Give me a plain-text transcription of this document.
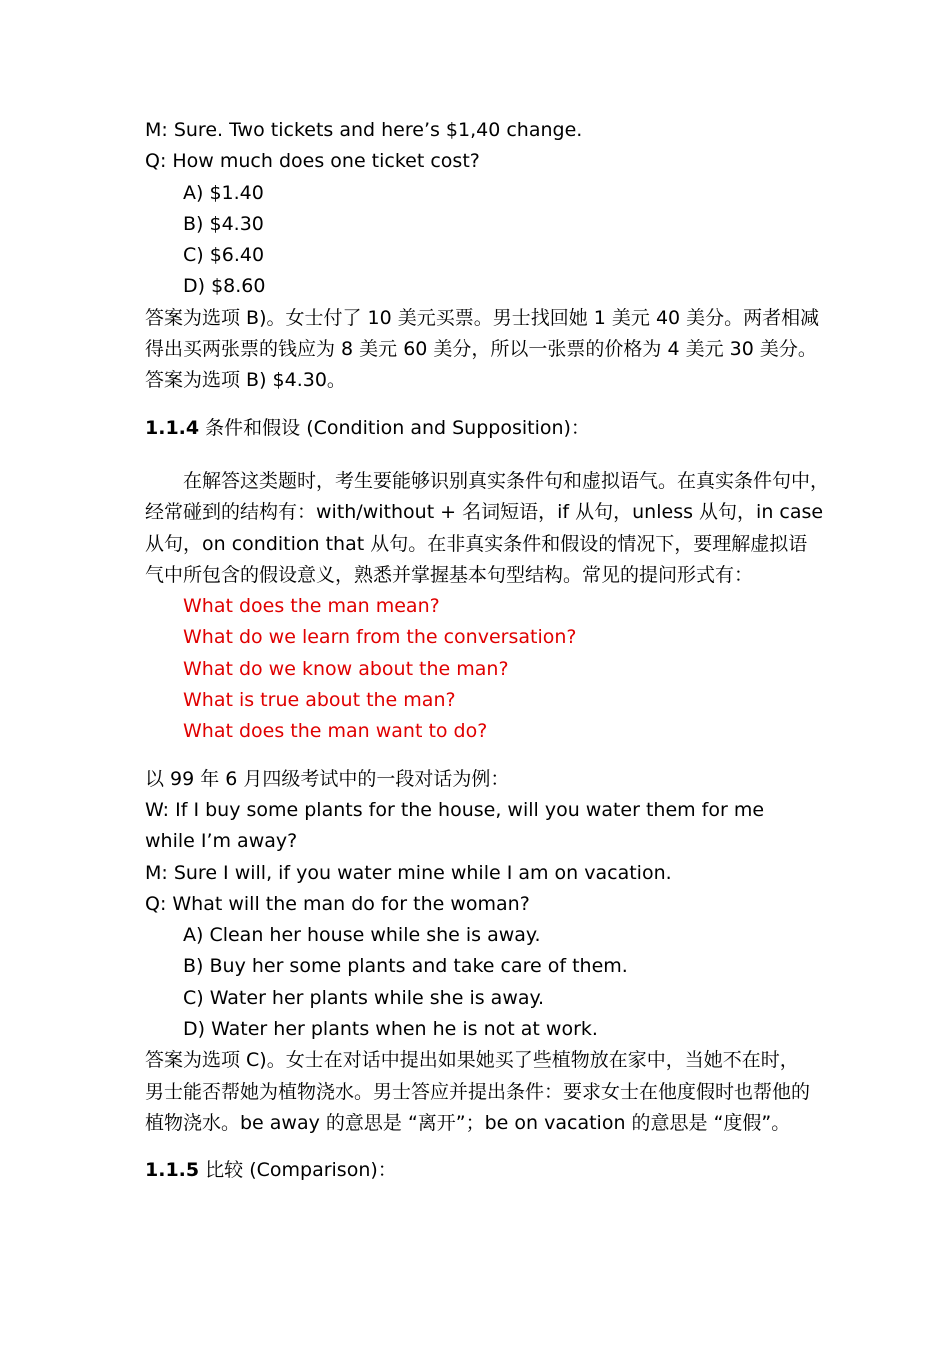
M: Sure. Two tickets and here’s $1,40 change.
Q: How much does one ticket cost?
A) $1.40
B) $4.30
C) $6.40
D) $8.60
答案为选项 B)。女士付了 10 美元买票。男士找回她 1 美元 40 美分。两者相减
得出买两张票的钱应为 8 美元 60 美分，所以一张票的价格为 4 美元 30 美分。
答案为选项 B) $4.30。
1.1.4 条件和假设 (Condition and Supposition)：
在解答这类题时，考生要能够识别真实条件句和虚拟语气。在真实条件句中，
经常碰到的结构有：with/without + 名词短语，if 从句，unless 从句，in case
从句，on condition that 从句。在非真实条件和假设的情况下，要理解虚拟语
气中所包含的假设意义，熟悉并掌握基本句型结构。常见的提问形式有：
What does the man mean?
What do we learn from the conversation?
What do we know about the man?
What is true about the man?
What does the man want to do?
以 99 年 6 月四级考试中的一段对话为例：
W: If I buy some plants for the house, will you water them for me
while I’m away?
M: Sure I will, if you water mine while I am on vacation.
Q: What will the man do for the woman?
A) Clean her house while she is away.
B) Buy her some plants and take care of them.
C) Water her plants while she is away.
D) Water her plants when he is not at work.
答案为选项 C)。女士在对话中提出如果她买了些植物放在家中，当她不在时，
男士能否帮她为植物浇水。男士答应并提出条件：要求女士在他度假时也帮他的
植物浇水。be away 的意思是 “离开”；be on vacation 的意思是 “度假”。
1.1.5 比较 (Comparison)：
